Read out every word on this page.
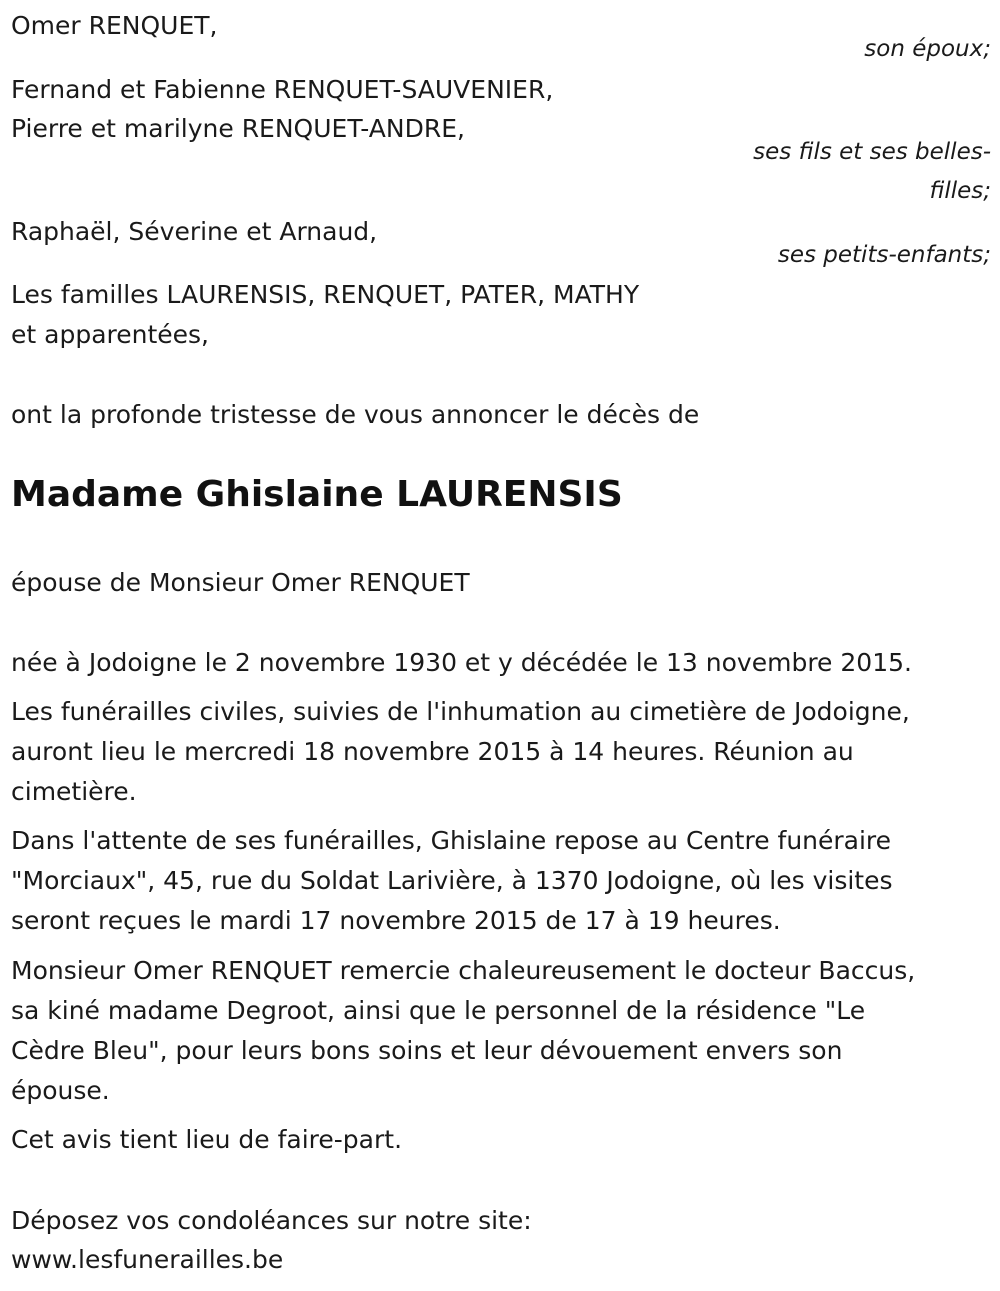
Omer RENQUET,

son époux;

Fernand et Fabienne RENQUET-SAUVENIER,

Pierre et marilyne RENQUET-ANDRE,

ses fils et ses belles-

filles;

Raphaël, Séverine et Arnaud,

ses petits-enfants;

Les familles LAURENSIS, RENQUET, PATER, MATHY

et apparentées,

ont la profonde tristesse de vous annoncer le décès de

Madame Ghislaine LAURENSIS

épouse de Monsieur Omer RENQUET

née à Jodoigne le 2 novembre 1930 et y décédée le 13 novembre 2015.

Les funérailles civiles, suivies de l'inhumation au cimetière de Jodoigne,

auront lieu le mercredi 18 novembre 2015 à 14 heures. Réunion au

cimetière.

Dans l'attente de ses funérailles, Ghislaine repose au Centre funéraire

"Morciaux", 45, rue du Soldat Larivière, à 1370 Jodoigne, où les visites

seront reçues le mardi 17 novembre 2015 de 17 à 19 heures.

Monsieur Omer RENQUET remercie chaleureusement le docteur Baccus,

sa kiné madame Degroot, ainsi que le personnel de la résidence "Le

Cèdre Bleu", pour leurs bons soins et leur dévouement envers son

épouse.

Cet avis tient lieu de faire-part.

Déposez vos condoléances sur notre site:

www.lesfunerailles.be
